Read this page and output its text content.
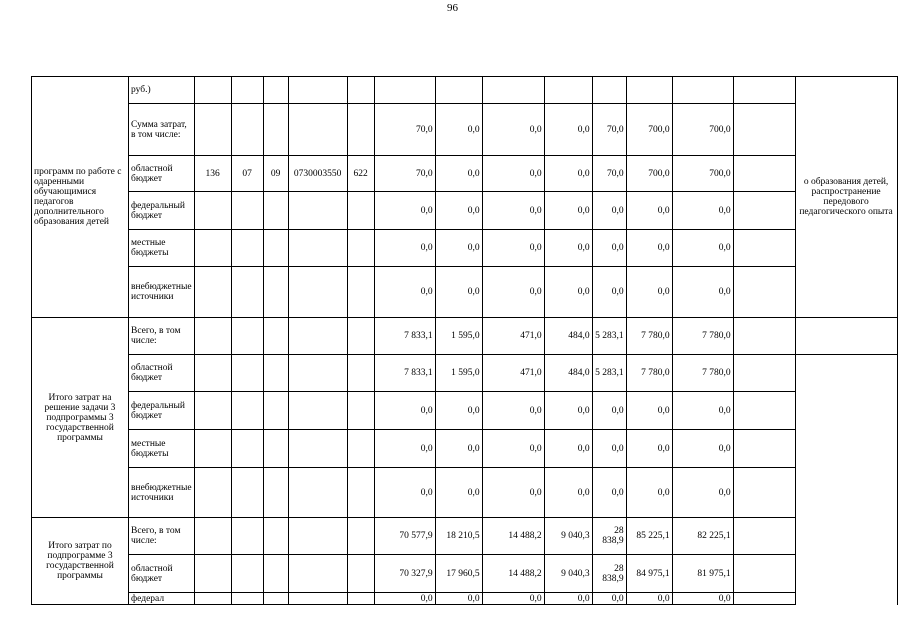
96
программ по работе с одаренными обучающимися педагогов дополнительного образования детей	руб.)														о образования детей, распространение передового педагогического опыта
	Сумма затрат, в том числе:						70,0	0,0	0,0	0,0	70,0	700,0	700,0		
	областной бюджет	136	07	09	0730003550	622	70,0	0,0	0,0	0,0	70,0	700,0	700,0		
	федеральный бюджет						0,0	0,0	0,0	0,0	0,0	0,0	0,0		
	местные бюджеты						0,0	0,0	0,0	0,0	0,0	0,0	0,0		
	внебюджетные источники						0,0	0,0	0,0	0,0	0,0	0,0	0,0		
Итого затрат на решение задачи 3 подпрограммы 3 государственной программы	Всего, в том числе:						7 833,1	1 595,0	471,0	484,0	5 283,1	7 780,0	7 780,0		
	областной бюджет						7 833,1	1 595,0	471,0	484,0	5 283,1	7 780,0	7 780,0		
	федеральный бюджет						0,0	0,0	0,0	0,0	0,0	0,0	0,0		
	местные бюджеты						0,0	0,0	0,0	0,0	0,0	0,0	0,0		
	внебюджетные источники						0,0	0,0	0,0	0,0	0,0	0,0	0,0		
Итого затрат по подпрограмме 3 государственной программы	Всего, в том числе:						70 577,9	18 210,5	14 488,2	9 040,3	28 838,9	85 225,1	82 225,1		
	областной бюджет						70 327,9	17 960,5	14 488,2	9 040,3	28 838,9	84 975,1	81 975,1		
	федерал						0,0	0,0	0,0	0,0	0,0	0,0	0,0		
